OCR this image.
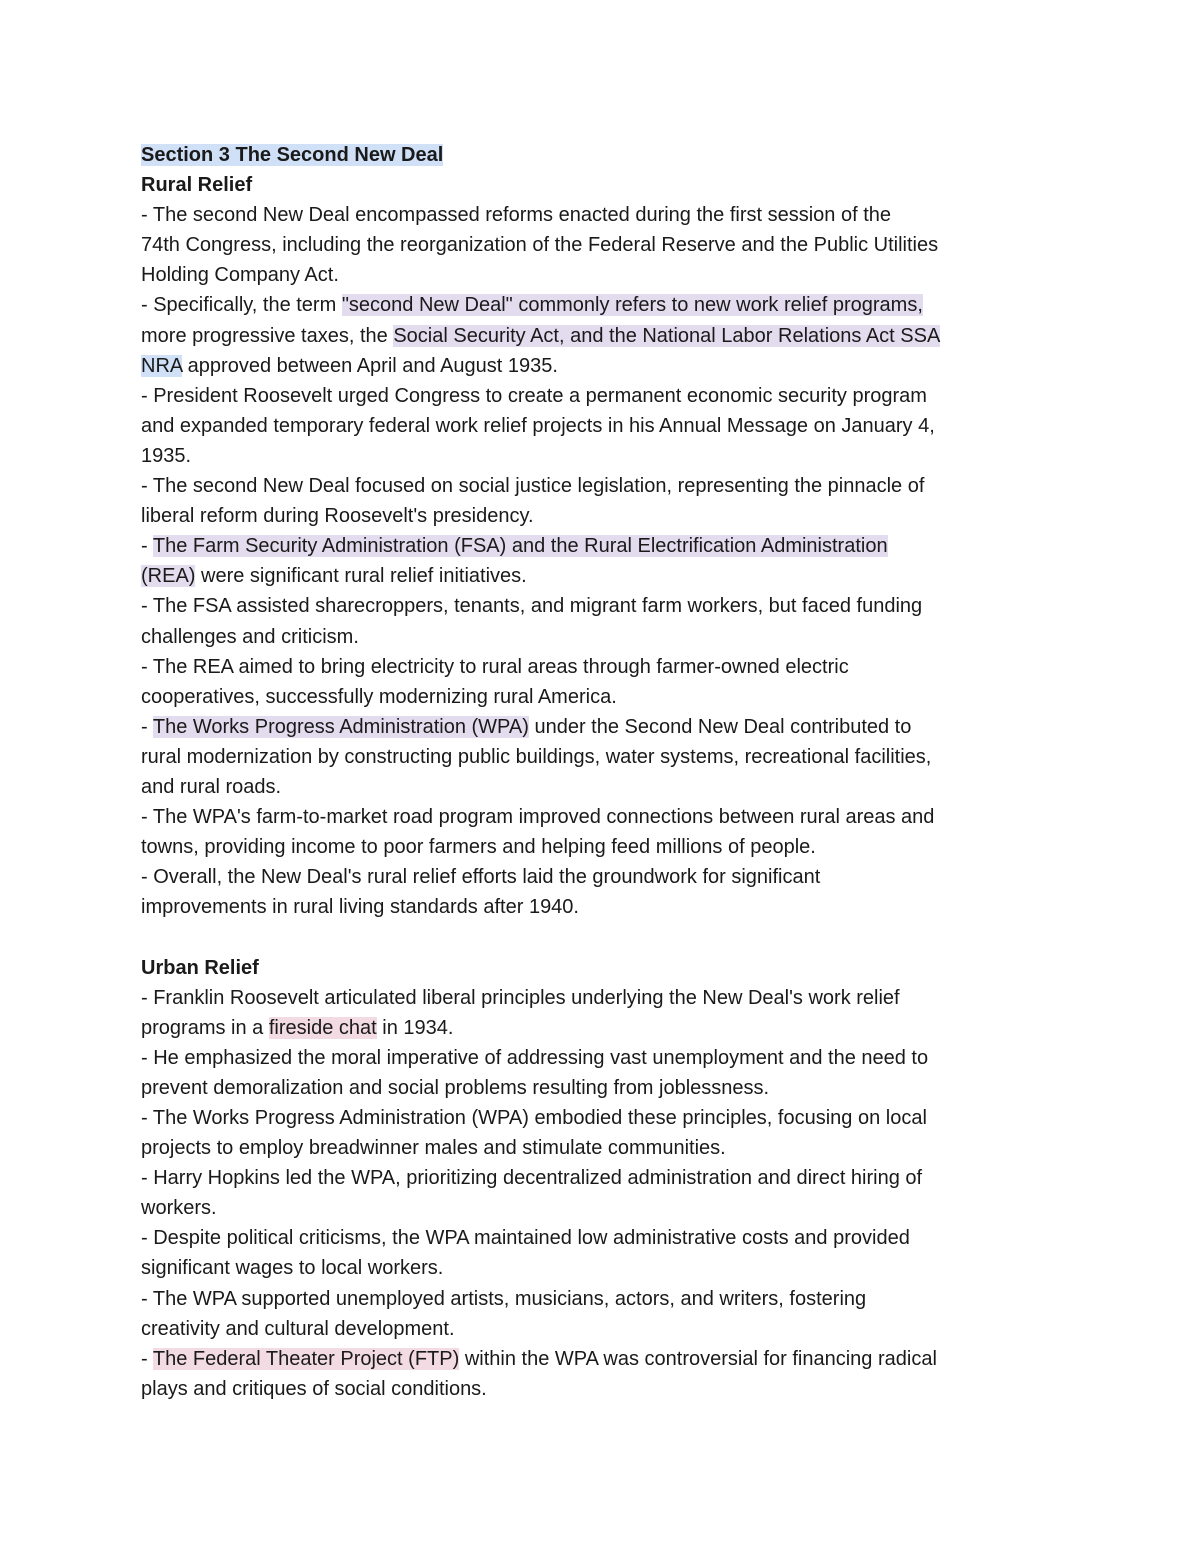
Section 3 The Second New Deal
Rural Relief
- The second New Deal encompassed reforms enacted during the first session of the
74th Congress, including the reorganization of the Federal Reserve and the Public Utilities
Holding Company Act.
- Specifically, the term "second New Deal" commonly refers to new work relief programs,
more progressive taxes, the Social Security Act, and the National Labor Relations Act SSA
NRA approved between April and August 1935.
- President Roosevelt urged Congress to create a permanent economic security program
and expanded temporary federal work relief projects in his Annual Message on January 4,
1935.
- The second New Deal focused on social justice legislation, representing the pinnacle of
liberal reform during Roosevelt's presidency.
- The Farm Security Administration (FSA) and the Rural Electrification Administration
(REA) were significant rural relief initiatives.
- The FSA assisted sharecroppers, tenants, and migrant farm workers, but faced funding
challenges and criticism.
- The REA aimed to bring electricity to rural areas through farmer-owned electric
cooperatives, successfully modernizing rural America.
- The Works Progress Administration (WPA) under the Second New Deal contributed to
rural modernization by constructing public buildings, water systems, recreational facilities,
and rural roads.
- The WPA's farm-to-market road program improved connections between rural areas and
towns, providing income to poor farmers and helping feed millions of people.
- Overall, the New Deal's rural relief efforts laid the groundwork for significant
improvements in rural living standards after 1940.
Urban Relief
- Franklin Roosevelt articulated liberal principles underlying the New Deal's work relief
programs in a fireside chat in 1934.
- He emphasized the moral imperative of addressing vast unemployment and the need to
prevent demoralization and social problems resulting from joblessness.
- The Works Progress Administration (WPA) embodied these principles, focusing on local
projects to employ breadwinner males and stimulate communities.
- Harry Hopkins led the WPA, prioritizing decentralized administration and direct hiring of
workers.
- Despite political criticisms, the WPA maintained low administrative costs and provided
significant wages to local workers.
- The WPA supported unemployed artists, musicians, actors, and writers, fostering
creativity and cultural development.
- The Federal Theater Project (FTP) within the WPA was controversial for financing radical
plays and critiques of social conditions.
